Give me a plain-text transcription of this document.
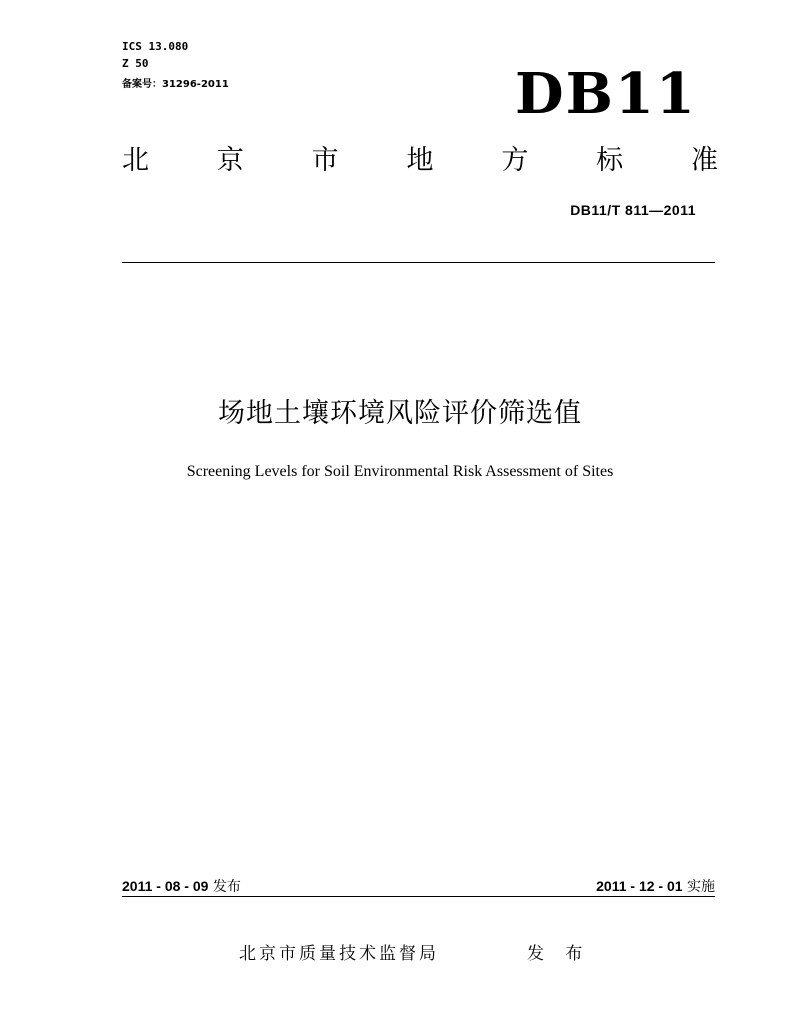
ICS 13.080
Z 50
备案号：31296-2011	DB11
北	京	市	地	方	标	准
DB11/T 811—2011
场地土壤环境风险评价筛选值
Screening Levels for Soil Environmental Risk Assessment of Sites
2011 - 08 - 09 发布	2011 - 12 - 01 实施
北京市质量技术监督局	发 布
